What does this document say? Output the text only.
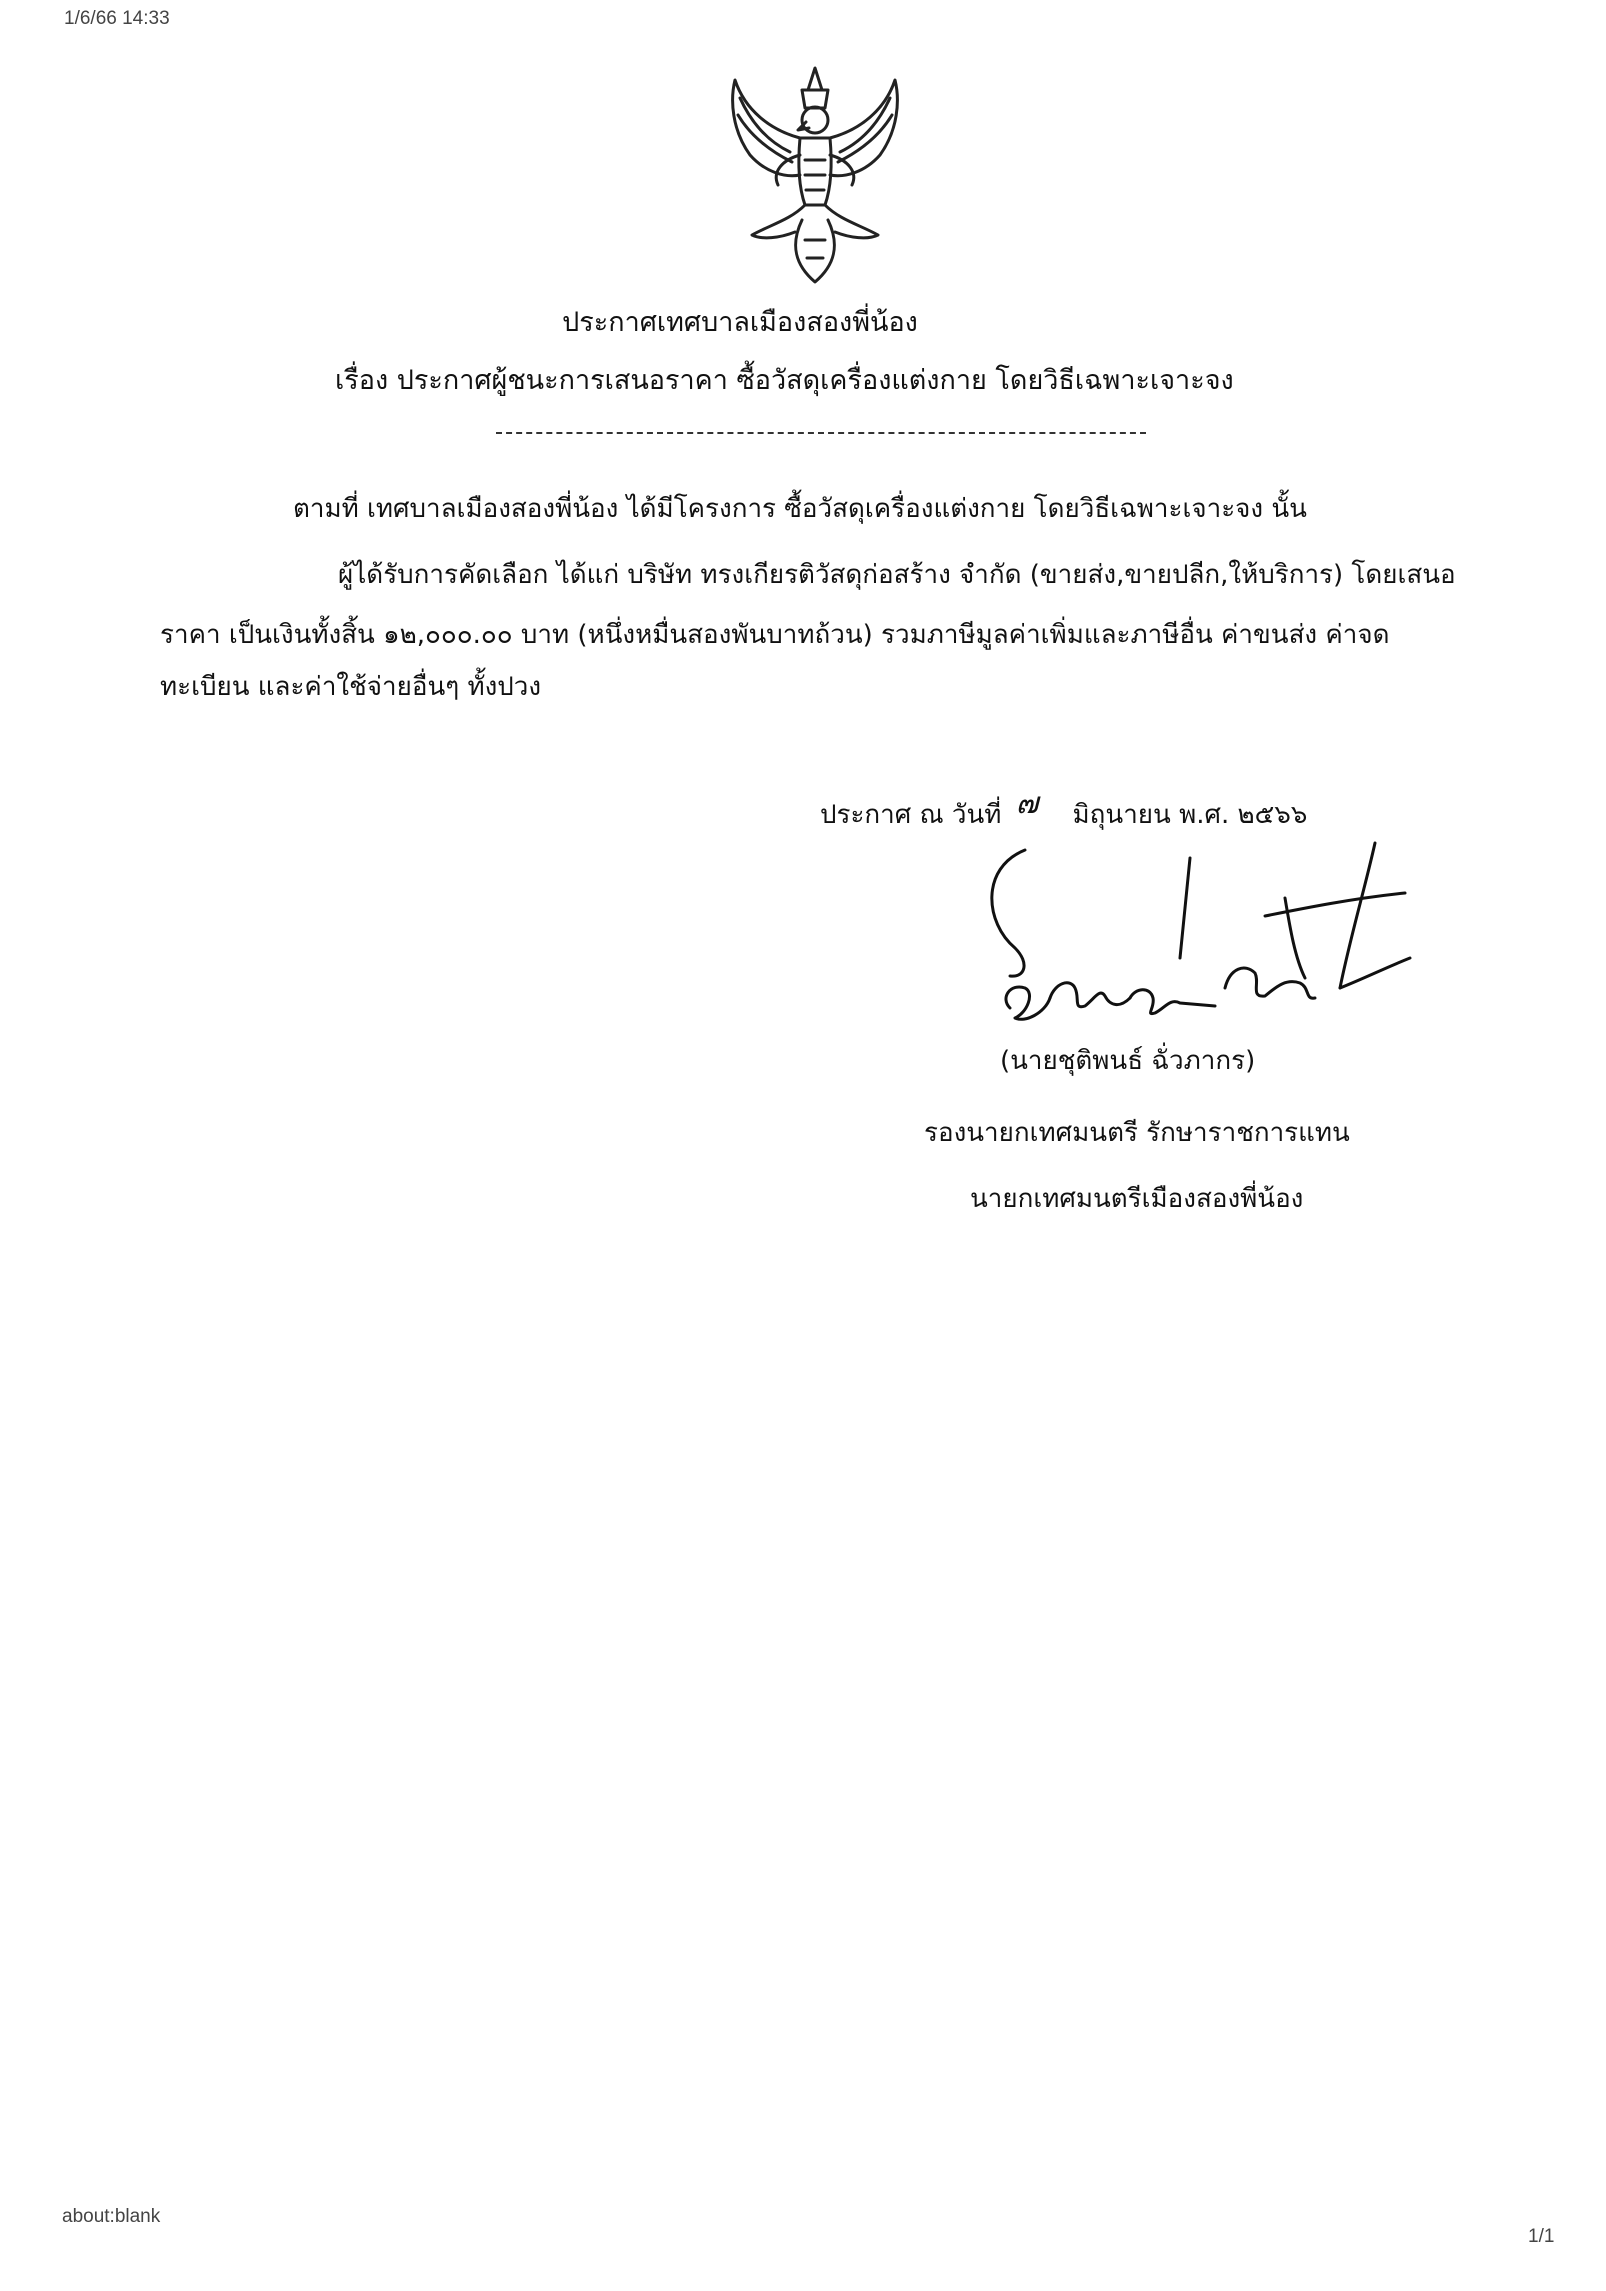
1/6/66 14:33
ประกาศเทศบาลเมืองสองพี่น้อง
เรื่อง ประกาศผู้ชนะการเสนอราคา ซื้อวัสดุเครื่องแต่งกาย โดยวิธีเฉพาะเจาะจง
ตามที่ เทศบาลเมืองสองพี่น้อง ได้มีโครงการ ซื้อวัสดุเครื่องแต่งกาย โดยวิธีเฉพาะเจาะจง นั้น
ผู้ได้รับการคัดเลือก ได้แก่ บริษัท ทรงเกียรติวัสดุก่อสร้าง จำกัด (ขายส่ง,ขายปลีก,ให้บริการ) โดยเสนอ
ราคา เป็นเงินทั้งสิ้น ๑๒,๐๐๐.๐๐ บาท (หนึ่งหมื่นสองพันบาทถ้วน) รวมภาษีมูลค่าเพิ่มและภาษีอื่น ค่าขนส่ง ค่าจด
ทะเบียน และค่าใช้จ่ายอื่นๆ ทั้งปวง
ประกาศ ณ วันที่ ๗ มิถุนายน พ.ศ. ๒๕๖๖
(นายชุติพนธ์ ฉั่วภากร)
รองนายกเทศมนตรี รักษาราชการแทน
นายกเทศมนตรีเมืองสองพี่น้อง
about:blank
1/1
